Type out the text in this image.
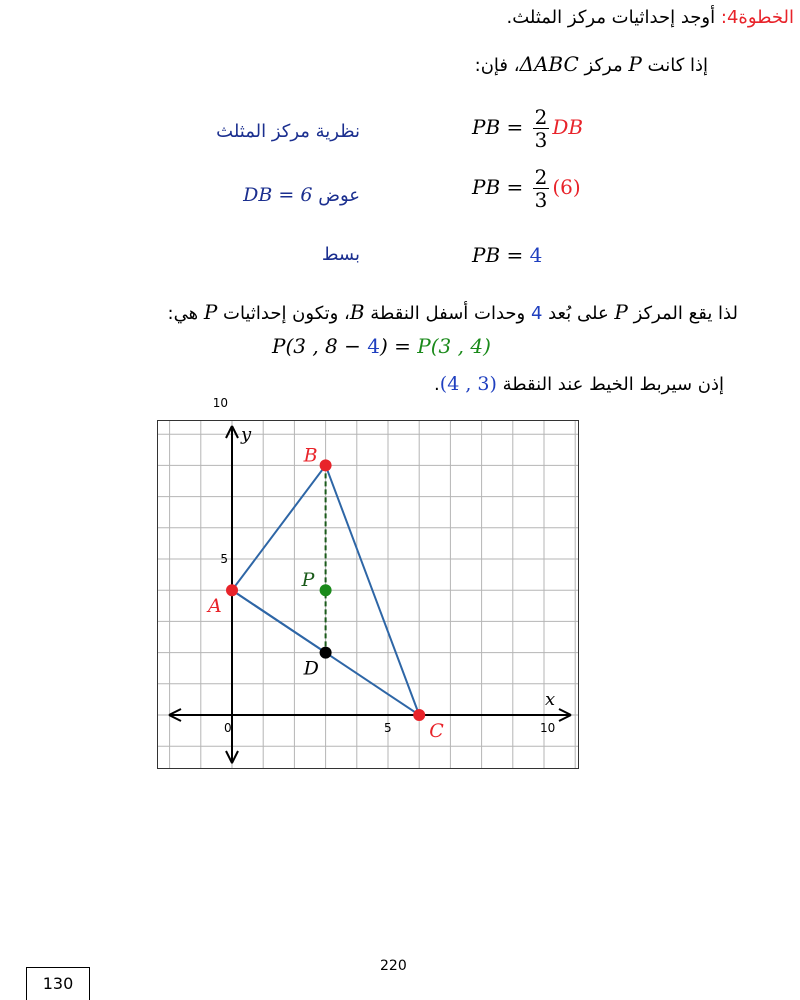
الخطوة4: أوجد إحداثيات مركز المثلث.
إذا كانت P مركز ΔABC، فإن:
نظرية مركز المثلث	PB = $\frac{2}{3}$ DB
عوض DB = 6	PB = $\frac{2}{3} (6)$
بسط	PB = 4
لذا يقع المركز P على بُعد 4 وحدات أسفل النقطة B، وتكون إحداثيات P هي:
P(3 , 8 − 4) = P(3 , 4)
إذن سيربط الخيط عند النقطة (3 , 4).
0	5	10
5
10
x
y
A
B
C
P
D
220
130
